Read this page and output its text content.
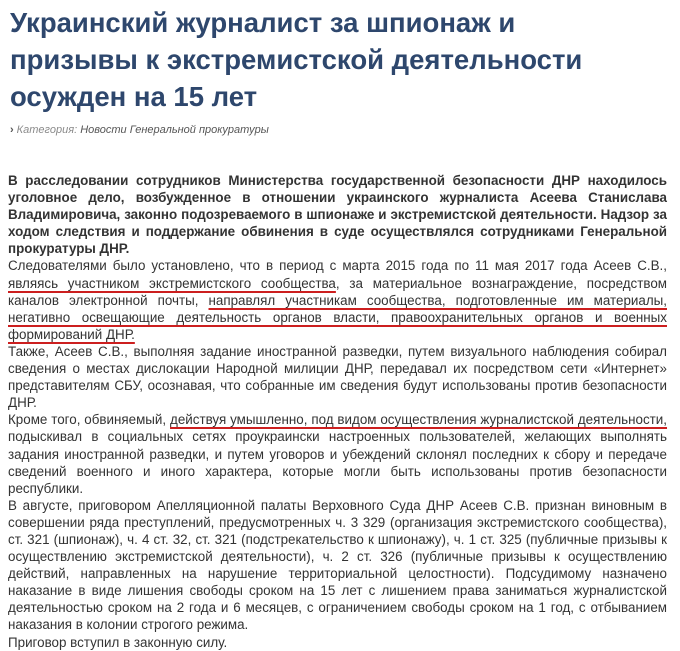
Украинский журналист за шпионаж и призывы к экстремистской деятельности осужден на 15 лет
› Категория: Новости Генеральной прокуратуры

В расследовании сотрудников Министерства государственной безопасности ДНР находилось уголовное дело, возбужденное в отношении украинского журналиста Асеева Станислава Владимировича, законно подозреваемого в шпионаже и экстремистской деятельности. Надзор за ходом следствия и поддержание обвинения в суде осуществлялся сотрудниками Генеральной прокуратуры ДНР.

Следователями было установлено, что в период с марта 2015 года по 11 мая 2017 года Асеев С.В., являясь участником экстремистского сообщества, за материальное вознаграждение, посредством каналов электронной почты, направлял участникам сообщества, подготовленные им материалы, негативно освещающие деятельность органов власти, правоохранительных органов и военных формирований ДНР.

Также, Асеев С.В., выполняя задание иностранной разведки, путем визуального наблюдения собирал сведения о местах дислокации Народной милиции ДНР, передавал их посредством сети «Интернет» представителям СБУ, осознавая, что собранные им сведения будут использованы против безопасности ДНР.

Кроме того, обвиняемый, действуя умышленно, под видом осуществления журналистской деятельности, подыскивал в социальных сетях проукраински настроенных пользователей, желающих выполнять задания иностранной разведки, и путем уговоров и убеждений склонял последних к сбору и передаче сведений военного и иного характера, которые могли быть использованы против безопасности республики.

В августе, приговором Апелляционной палаты Верховного Суда ДНР Асеев С.В. признан виновным в совершении ряда преступлений, предусмотренных ч. 3 329 (организация экстремистского сообщества), ст. 321 (шпионаж), ч. 4 ст. 32, ст. 321 (подстрекательство к шпионажу), ч. 1 ст. 325 (публичные призывы к осуществлению экстремистской деятельности), ч. 2 ст. 326 (публичные призывы к осуществлению действий, направленных на нарушение территориальной целостности). Подсудимому назначено наказание в виде лишения свободы сроком на 15 лет с лишением права заниматься журналистской деятельностью сроком на 2 года и 6 месяцев, с ограничением свободы сроком на 1 год, с отбыванием наказания в колонии строгого режима.

Приговор вступил в законную силу.
